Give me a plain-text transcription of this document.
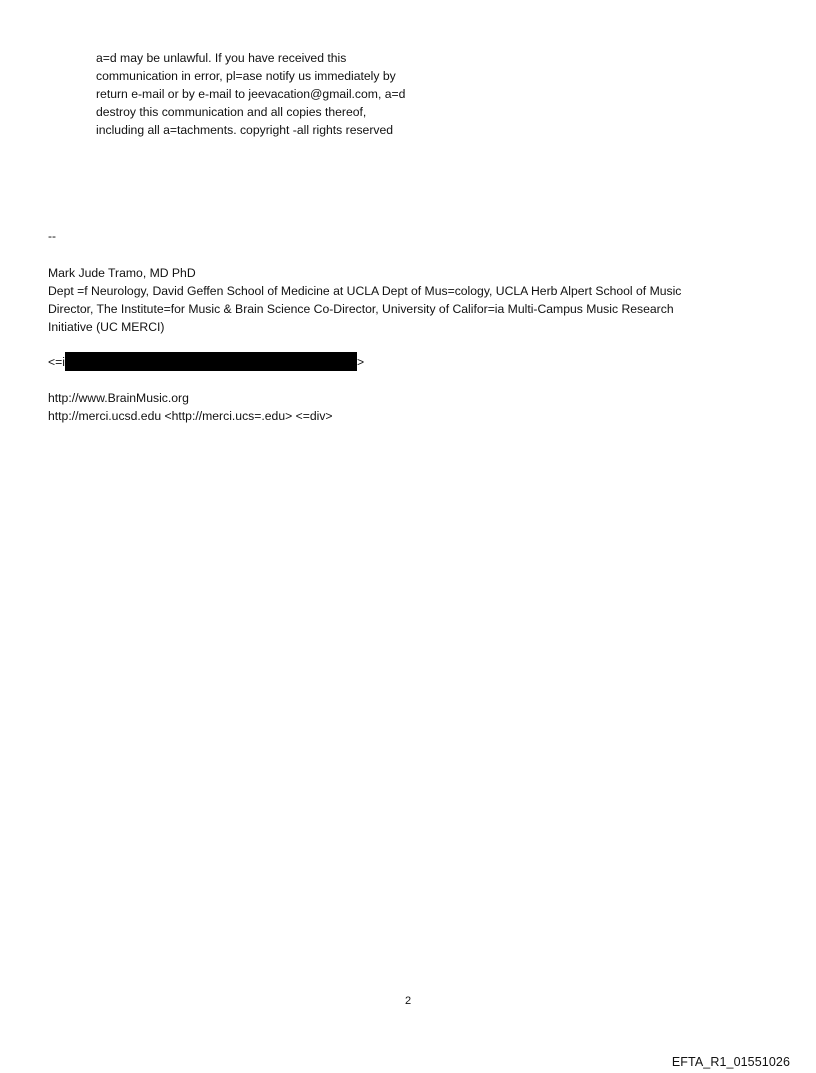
a=d may be unlawful. If you have received this
communication in error, pl=ase notify us immediately by
return e-mail or by e-mail to jeevacation@gmail.com, a=d
destroy this communication and all copies thereof,
including all a=tachments. copyright -all rights reserved
--
Mark Jude Tramo, MD PhD
Dept =f Neurology, David Geffen School of Medicine at UCLA Dept of Mus=cology, UCLA Herb Alpert School of Music
Director, The Institute=for Music & Brain Science Co-Director, University of Califor=ia Multi-Campus Music Research
Initiative (UC MERCI)
<=i	>
http://www.BrainMusic.org
http://merci.ucsd.edu <http://merci.ucs=.edu> <=div>
2
EFTA_R1_01551026
